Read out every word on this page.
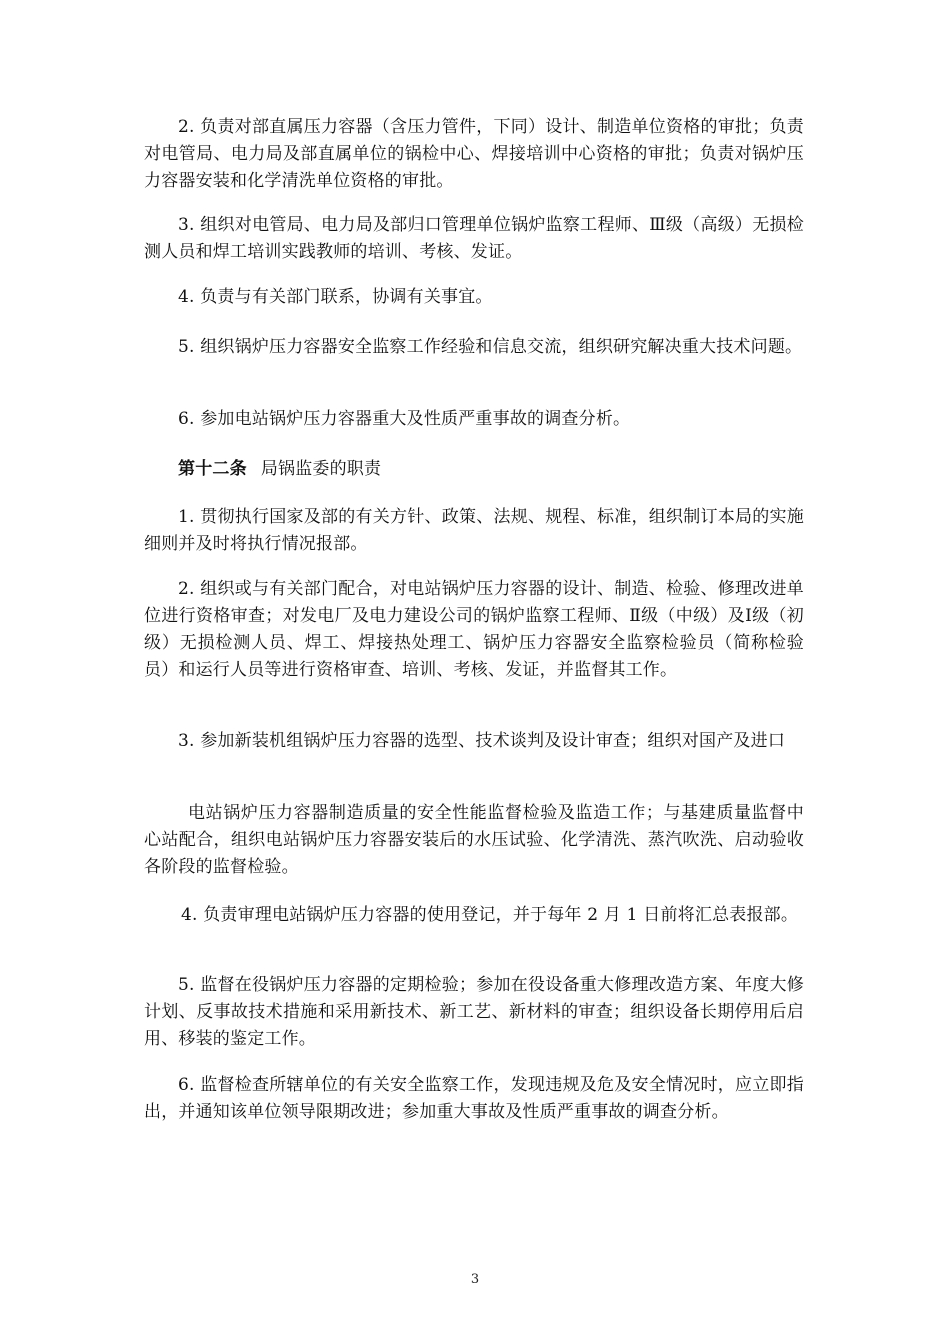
2. 负责对部直属压力容器（含压力管件，下同）设计、制造单位资格的审批；负责对电管局、电力局及部直属单位的锅检中心、焊接培训中心资格的审批；负责对锅炉压力容器安装和化学清洗单位资格的审批。

3. 组织对电管局、电力局及部归口管理单位锅炉监察工程师、Ⅲ级（高级）无损检测人员和焊工培训实践教师的培训、考核、发证。

4. 负责与有关部门联系，协调有关事宜。

5. 组织锅炉压力容器安全监察工作经验和信息交流，组织研究解决重大技术问题。

6. 参加电站锅炉压力容器重大及性质严重事故的调查分析。

第十二条 局锅监委的职责

1. 贯彻执行国家及部的有关方针、政策、法规、规程、标准，组织制订本局的实施细则并及时将执行情况报部。

2. 组织或与有关部门配合，对电站锅炉压力容器的设计、制造、检验、修理改进单位进行资格审查；对发电厂及电力建设公司的锅炉监察工程师、Ⅱ级（中级）及Ⅰ级（初级）无损检测人员、焊工、焊接热处理工、锅炉压力容器安全监察检验员（简称检验员）和运行人员等进行资格审查、培训、考核、发证，并监督其工作。

3. 参加新装机组锅炉压力容器的选型、技术谈判及设计审查；组织对国产及进口

电站锅炉压力容器制造质量的安全性能监督检验及监造工作；与基建质量监督中心站配合，组织电站锅炉压力容器安装后的水压试验、化学清洗、蒸汽吹洗、启动验收各阶段的监督检验。

4. 负责审理电站锅炉压力容器的使用登记，并于每年 2 月 1 日前将汇总表报部。

5. 监督在役锅炉压力容器的定期检验；参加在役设备重大修理改造方案、年度大修计划、反事故技术措施和采用新技术、新工艺、新材料的审查；组织设备长期停用后启用、移装的鉴定工作。

6. 监督检查所辖单位的有关安全监察工作，发现违规及危及安全情况时，应立即指出，并通知该单位领导限期改进；参加重大事故及性质严重事故的调查分析。

3
